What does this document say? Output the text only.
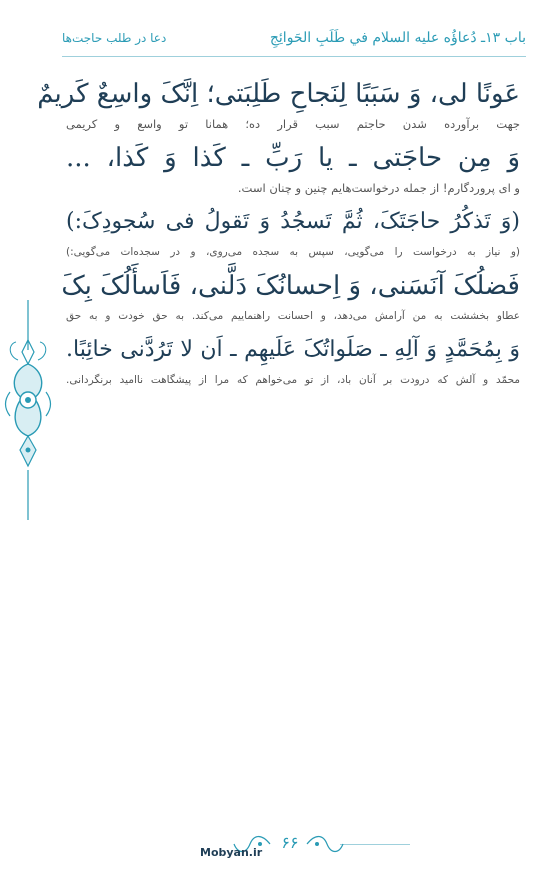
باب ۱۳ـ دُعاؤُه عليه السلام في طَلَبِ الحَوائِجِ
دعا در طلب حاجت‌ها
عَونًا لی، وَ سَبَبًا لِنَجاحِ طَلِبَتی؛ اِنَّکَ واسِعٌ کَریمٌ
جهت برآورده شدن حاجتم سبب قرار ده؛ همانا تو واسع و کریمی
وَ مِن حاجَتی ـ یا رَبِّ ـ کَذا وَ کَذا، ...
و ای پروردگارم! از جمله درخواست‌هایم چنین و چنان است.
(وَ تَذکُرُ حاجَتَکَ، ثُمَّ تَسجُدُ وَ تَقولُ فی سُجودِکَ:)
(و نیاز به درخواست را می‌گویی، سپس به سجده می‌روی، و در سجده‌ات می‌گویی:)
فَضلُکَ آنَسَنی، وَ اِحسانُکَ دَلَّنی، فَاَسأَلُکَ بِکَ
عطاو بخششت به من آرامش می‌دهد، و احسانت راهنماییم می‌کند. به حق خودت و به حق
وَ بِمُحَمَّدٍ وَ آلِهِ ـ صَلَواتُکَ عَلَیهِم ـ اَن لا تَرُدَّنی خائِبًا.
محمّد و آلش که درودت بر آنان باد، از تو می‌خواهم که مرا از پیشگاهت ناامید برنگردانی.
۶۶
Mobyan.ir
